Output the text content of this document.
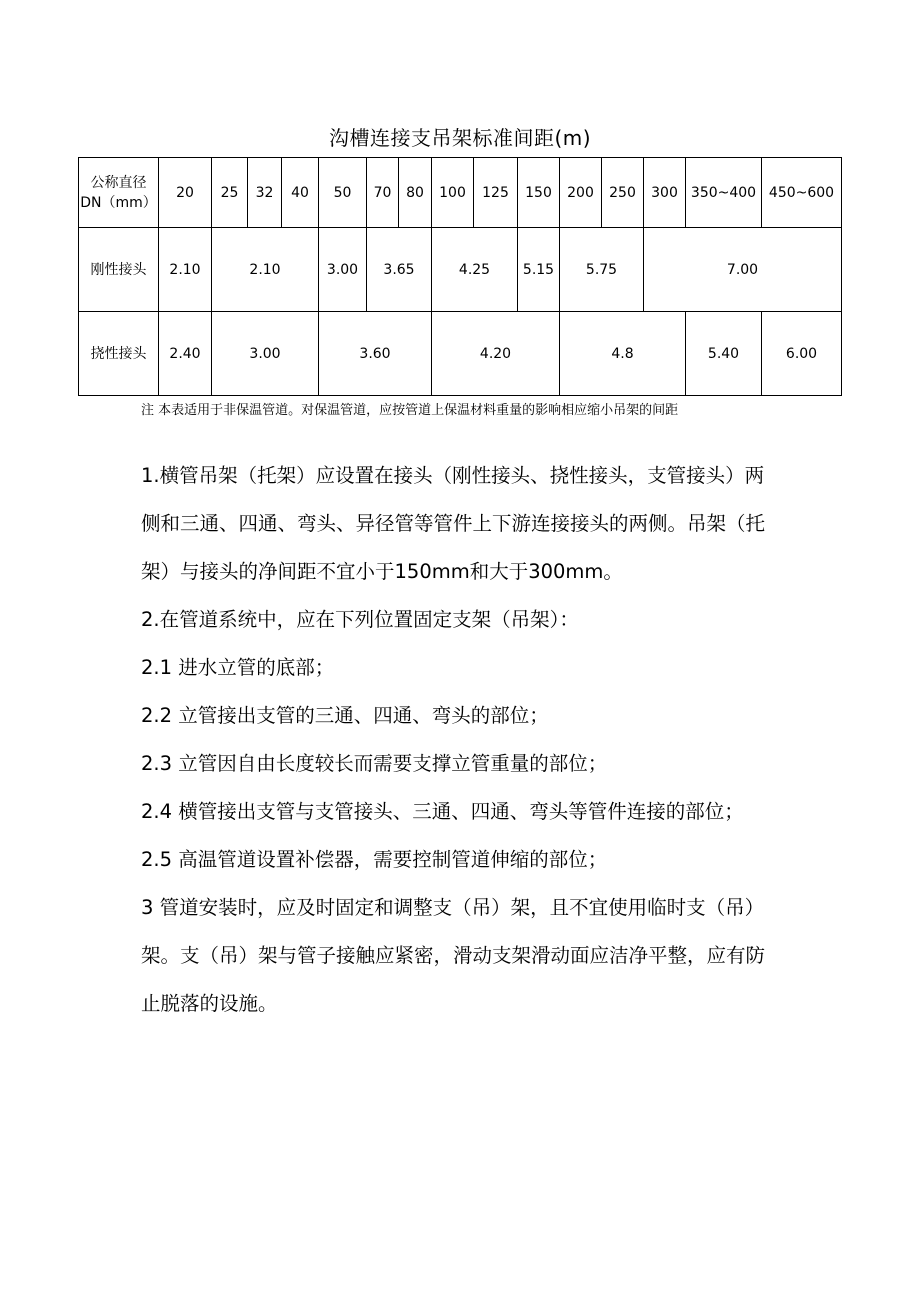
沟槽连接支吊架标准间距(m)
公称直径
DN（mm）	20	25	32	40	50	70	80	100	125	150	200	250	300	350~400	450~600
刚性接头	2.10	2.10			3.00	3.65		4.25		5.15	5.75		7.00		
挠性接头	2.40	3.00			3.60			4.20			4.8			5.40	6.00
注 本表适用于非保温管道。对保温管道，应按管道上保温材料重量的影响相应缩小吊架的间距

1.横管吊架（托架）应设置在接头（刚性接头、挠性接头，支管接头）两侧和三通、四通、弯头、异径管等管件上下游连接接头的两侧。吊架（托架）与接头的净间距不宜小于150mm和大于300mm。

2.在管道系统中，应在下列位置固定支架（吊架）：

2.1 进水立管的底部；

2.2 立管接出支管的三通、四通、弯头的部位；

2.3 立管因自由长度较长而需要支撑立管重量的部位；

2.4 横管接出支管与支管接头、三通、四通、弯头等管件连接的部位；

2.5 高温管道设置补偿器，需要控制管道伸缩的部位；

3 管道安装时，应及时固定和调整支（吊）架，且不宜使用临时支（吊）架。支（吊）架与管子接触应紧密，滑动支架滑动面应洁净平整，应有防止脱落的设施。
